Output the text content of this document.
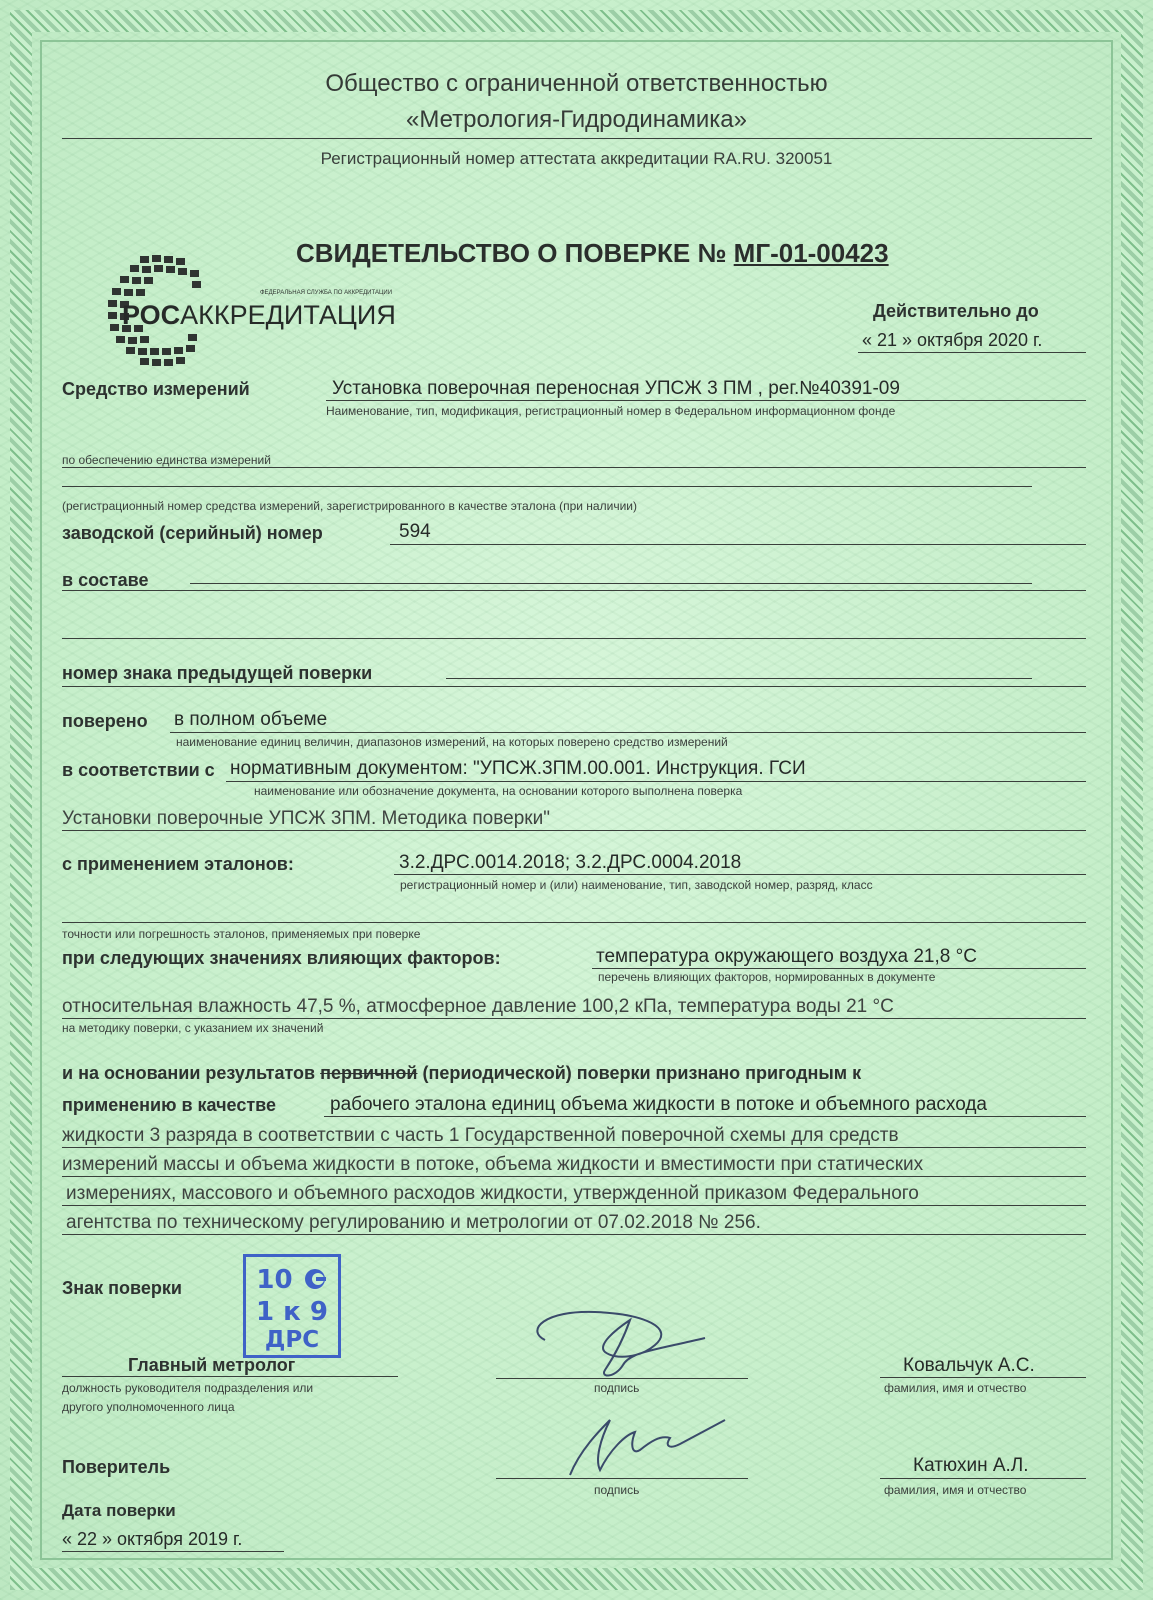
Общество с ограниченной ответственностью
«Метрология-Гидродинамика»
Регистрационный номер аттестата аккредитации RA.RU. 320051
СВИДЕТЕЛЬСТВО О ПОВЕРКЕ № МГ-01-00423
ФЕДЕРАЛЬНАЯ СЛУЖБА ПО АККРЕДИТАЦИИ
РОСАККРЕДИТАЦИЯ	Действительно до
« 21 » октября 2020 г.
Средство измерений	Установка поверочная переносная УПСЖ 3 ПМ , рег.№40391-09
Наименование, тип, модификация, регистрационный номер в Федеральном информационном фонде
по обеспечению единства измерений
(регистрационный номер средства измерений, зарегистрированного в качестве эталона (при наличии)
заводской (серийный) номер	594
в составе
номер знака предыдущей поверки
поверено в полном объеме
наименование единиц величин, диапазонов измерений, на которых поверено средство измерений
в соответствии с нормативным документом: "УПСЖ.3ПМ.00.001. Инструкция. ГСИ
наименование или обозначение документа, на основании которого выполнена поверка
Установки поверочные УПСЖ 3ПМ. Методика поверки"
с применением эталонов:	3.2.ДРС.0014.2018; 3.2.ДРС.0004.2018
регистрационный номер и (или) наименование, тип, заводской номер, разряд, класс
точности или погрешность эталонов, применяемых при поверке
при следующих значениях влияющих факторов:	температура окружающего воздуха 21,8 °С
перечень влияющих факторов, нормированных в документе
относительная влажность 47,5 %, атмосферное давление 100,2 кПа, температура воды 21 °С
на методику поверки, с указанием их значений
и на основании результатов первичной (периодической) поверки признано пригодным к
применению в качестве	рабочего эталона единиц объема жидкости в потоке и объемного расхода
жидкости 3 разряда в соответствии с часть 1 Государственной поверочной схемы для средств
измерений массы и объема жидкости в потоке, объема жидкости и вместимости при статических
измерениях, массового и объемного расходов жидкости, утвержденной приказом Федерального
агентства по техническому регулированию и метрологии от 07.02.2018 № 256.
Знак поверки	10
1 к 9
ДРС
Главный метролог
должность руководителя подразделения или
другого уполномоченного лица
подпись
Ковальчук А.С.
фамилия, имя и отчество
Поверитель
подпись
Катюхин А.Л.
фамилия, имя и отчество
Дата поверки
« 22 » октября 2019 г.
